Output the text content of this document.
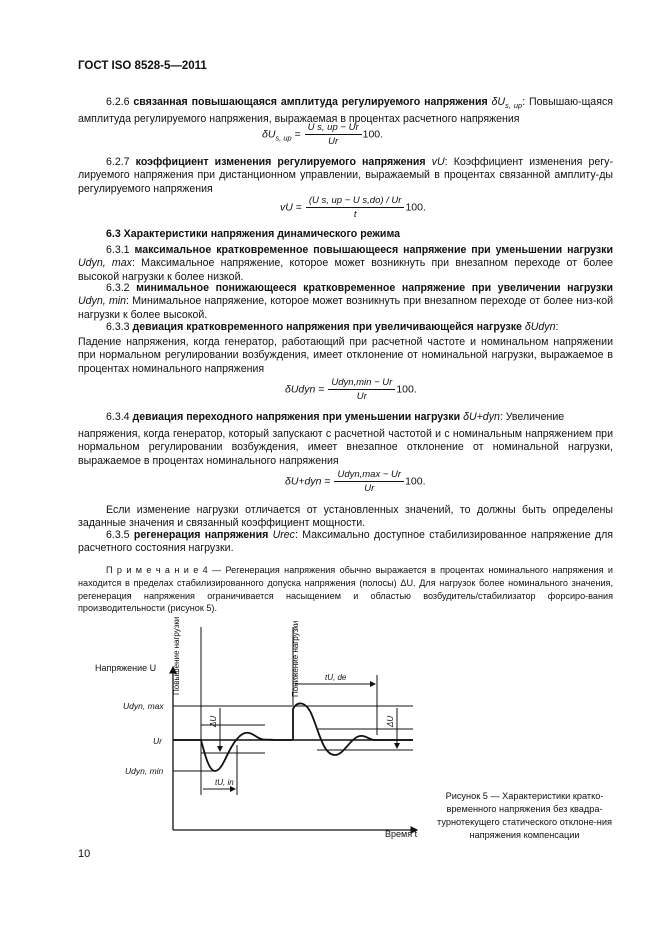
ГОСТ ISO 8528-5—2011
6.2.6 связанная повышающаяся амплитуда регулируемого напряжения $\delta U_{s, up}$: Повышаю-щаяся амплитуда регулируемого напряжения, выражаемая в процентах расчетного напряжения
$\delta U_{s, up} = \frac{\text{U s, up − Ur}}{Ur} 100$.
6.2.7 коэффициент изменения регулируемого напряжения vU: Коэффициент изменения регу-лируемого напряжения при дистанционном управлении, выражаемый в процентах связанной амплиту-ды регулируемого напряжения
vU = $\frac{\text{(U s, up − U s,do) / Ur}}{t} 100$.
6.3 Характеристики напряжения динамического режима
6.3.1 максимальное кратковременное повышающееся напряжение при уменьшении нагрузки Udyn, max: Максимальное напряжение, которое может возникнуть при внезапном переходе от более высокой нагрузки к более низкой.
6.3.2 минимальное понижающееся кратковременное напряжение при увеличении нагрузки Udyn, min: Минимальное напряжение, которое может возникнуть при внезапном переходе от более низ-кой нагрузки к более высокой.
6.3.3 девиация кратковременного напряжения при увеличивающейся нагрузке δUdyn:
Падение напряжения, когда генератор, работающий при расчетной частоте и номинальном напряжении при нормальном регулировании возбуждения, имеет отклонение от номинальной нагрузки, выражаемое в процентах номинального напряжения
δUdyn = $\frac{\text{Udyn,min − Ur}}{Ur} 100$.
6.3.4 девиация переходного напряжения при уменьшении нагрузки δU+dyn: Увеличение
напряжения, когда генератор, который запускают с расчетной частотой и с номинальным напряжением при нормальном регулировании возбуждения, имеет внезапное отклонение от номинальной нагрузки, выражаемое в процентах номинального напряжения
$\delta U+dyn = \frac{\text{Udyn,max − Ur}}{Ur} 100$.
Если изменение нагрузки отличается от установленных значений, то должны быть определены заданные значения и связанный коэффициент мощности.
6.3.5 регенерация напряжения Urec: Максимально доступное стабилизированное напряжение для расчетного состояния нагрузки.
П р и м е ч а н и е 4 — Регенерация напряжения обычно выражается в процентах номинального напряжения и находится в пределах стабилизированного допуска напряжения (полосы) ΔU. Для нагрузок более номинального значения, регенерация напряжения ограничивается насыщением и областью возбудитель/стабилизатор форсиро-вания производительности (рисунок 5).
Напряжение U
Время t
Udyn, max
Ur
Udyn, min
tU, in
tU, de
ΔU	ΔU
Повышение нагрузки	Понижение нагрузки
Рисунок 5 — Характеристики кратко-временного напряжения без квадра-турнотекущего статического отклоне-ния напряжения компенсации
10
